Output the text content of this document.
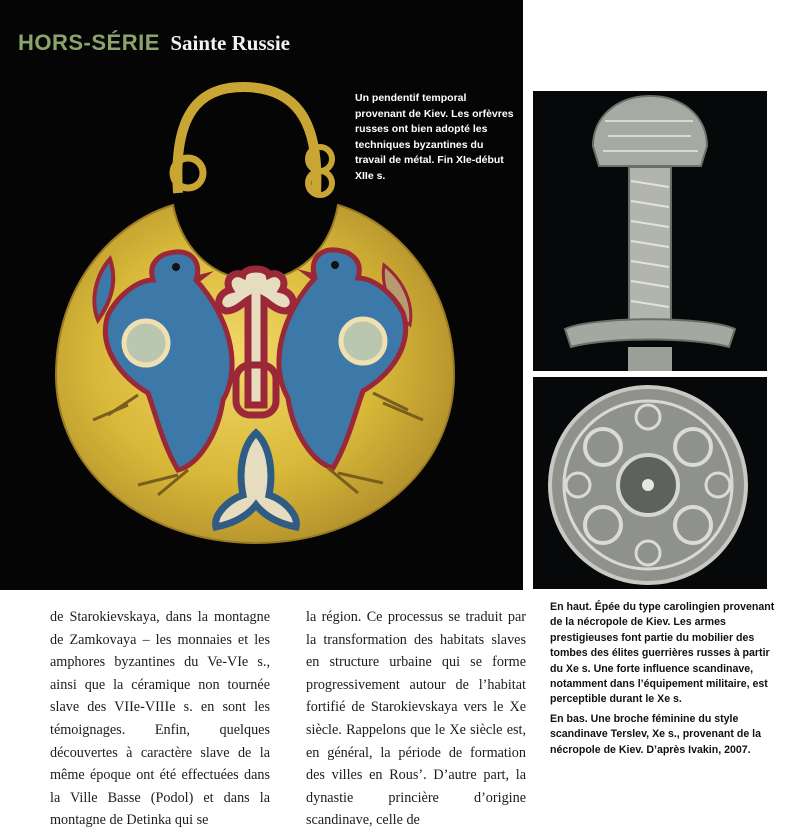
HORS-SÉRIE Sainte Russie
Un pendentif temporal provenant de Kiev. Les orfèvres russes ont bien adopté les techniques byzantines du travail de métal. Fin XIe-début XIIe s.

de Starokievskaya, dans la montagne de Zamkovaya – les monnaies et les amphores byzantines du Ve-VIe s., ainsi que la céramique non tournée slave des VIIe-VIIIe s. en sont les témoignages. Enfin, quelques découvertes à caractère slave de la même époque ont été effectuées dans la Ville Basse (Podol) et dans la montagne de Detinka qui se

la région. Ce processus se traduit par la transformation des habitats slaves en structure urbaine qui se forme progressivement autour de l’habitat fortifié de Starokievskaya vers le Xe siècle. Rappelons que le Xe siècle est, en général, la période de formation des villes en Rous’. D’autre part, la dynastie princière d’origine scandinave, celle de

En haut. Épée du type carolingien provenant de la nécropole de Kiev. Les armes prestigieuses font partie du mobilier des tombes des élites guerrières russes à partir du Xe s. Une forte influence scandinave, notamment dans l’équipement militaire, est perceptible durant le Xe s.

En bas. Une broche féminine du style scandinave Terslev, Xe s., provenant de la nécropole de Kiev. D’après Ivakin, 2007.
